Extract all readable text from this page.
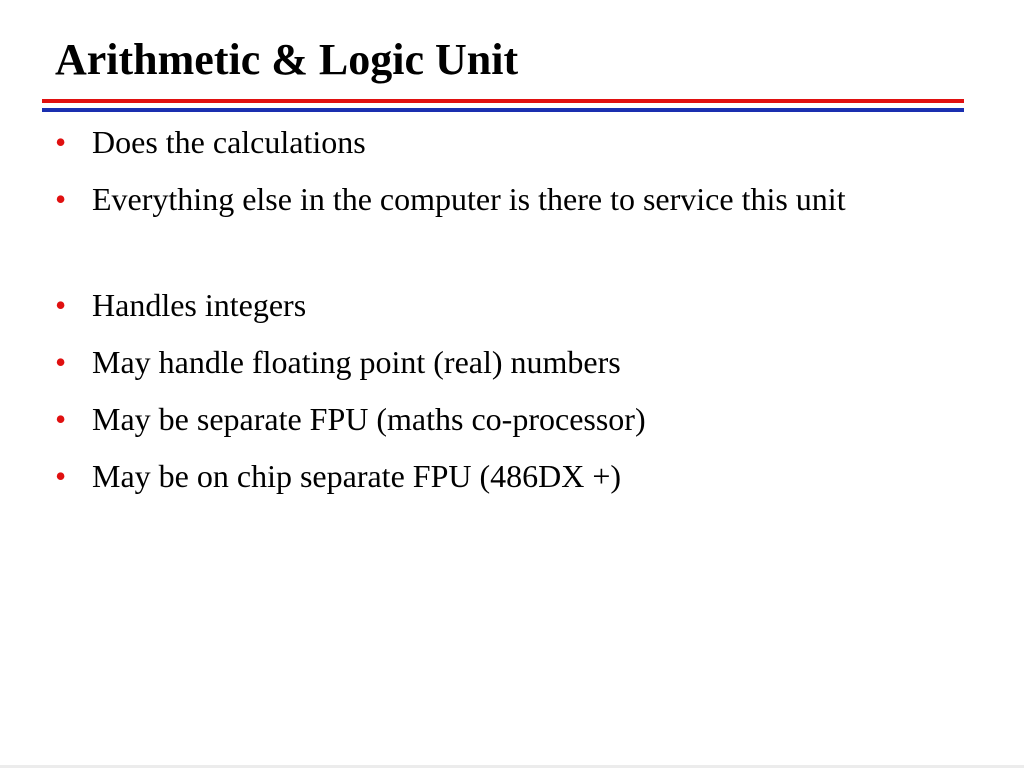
Arithmetic & Logic Unit
• Does the calculations
• Everything else in the computer is there to service this unit
• Handles integers
• May handle floating point (real) numbers
• May be separate FPU (maths co-processor)
• May be on chip separate FPU (486DX +)
